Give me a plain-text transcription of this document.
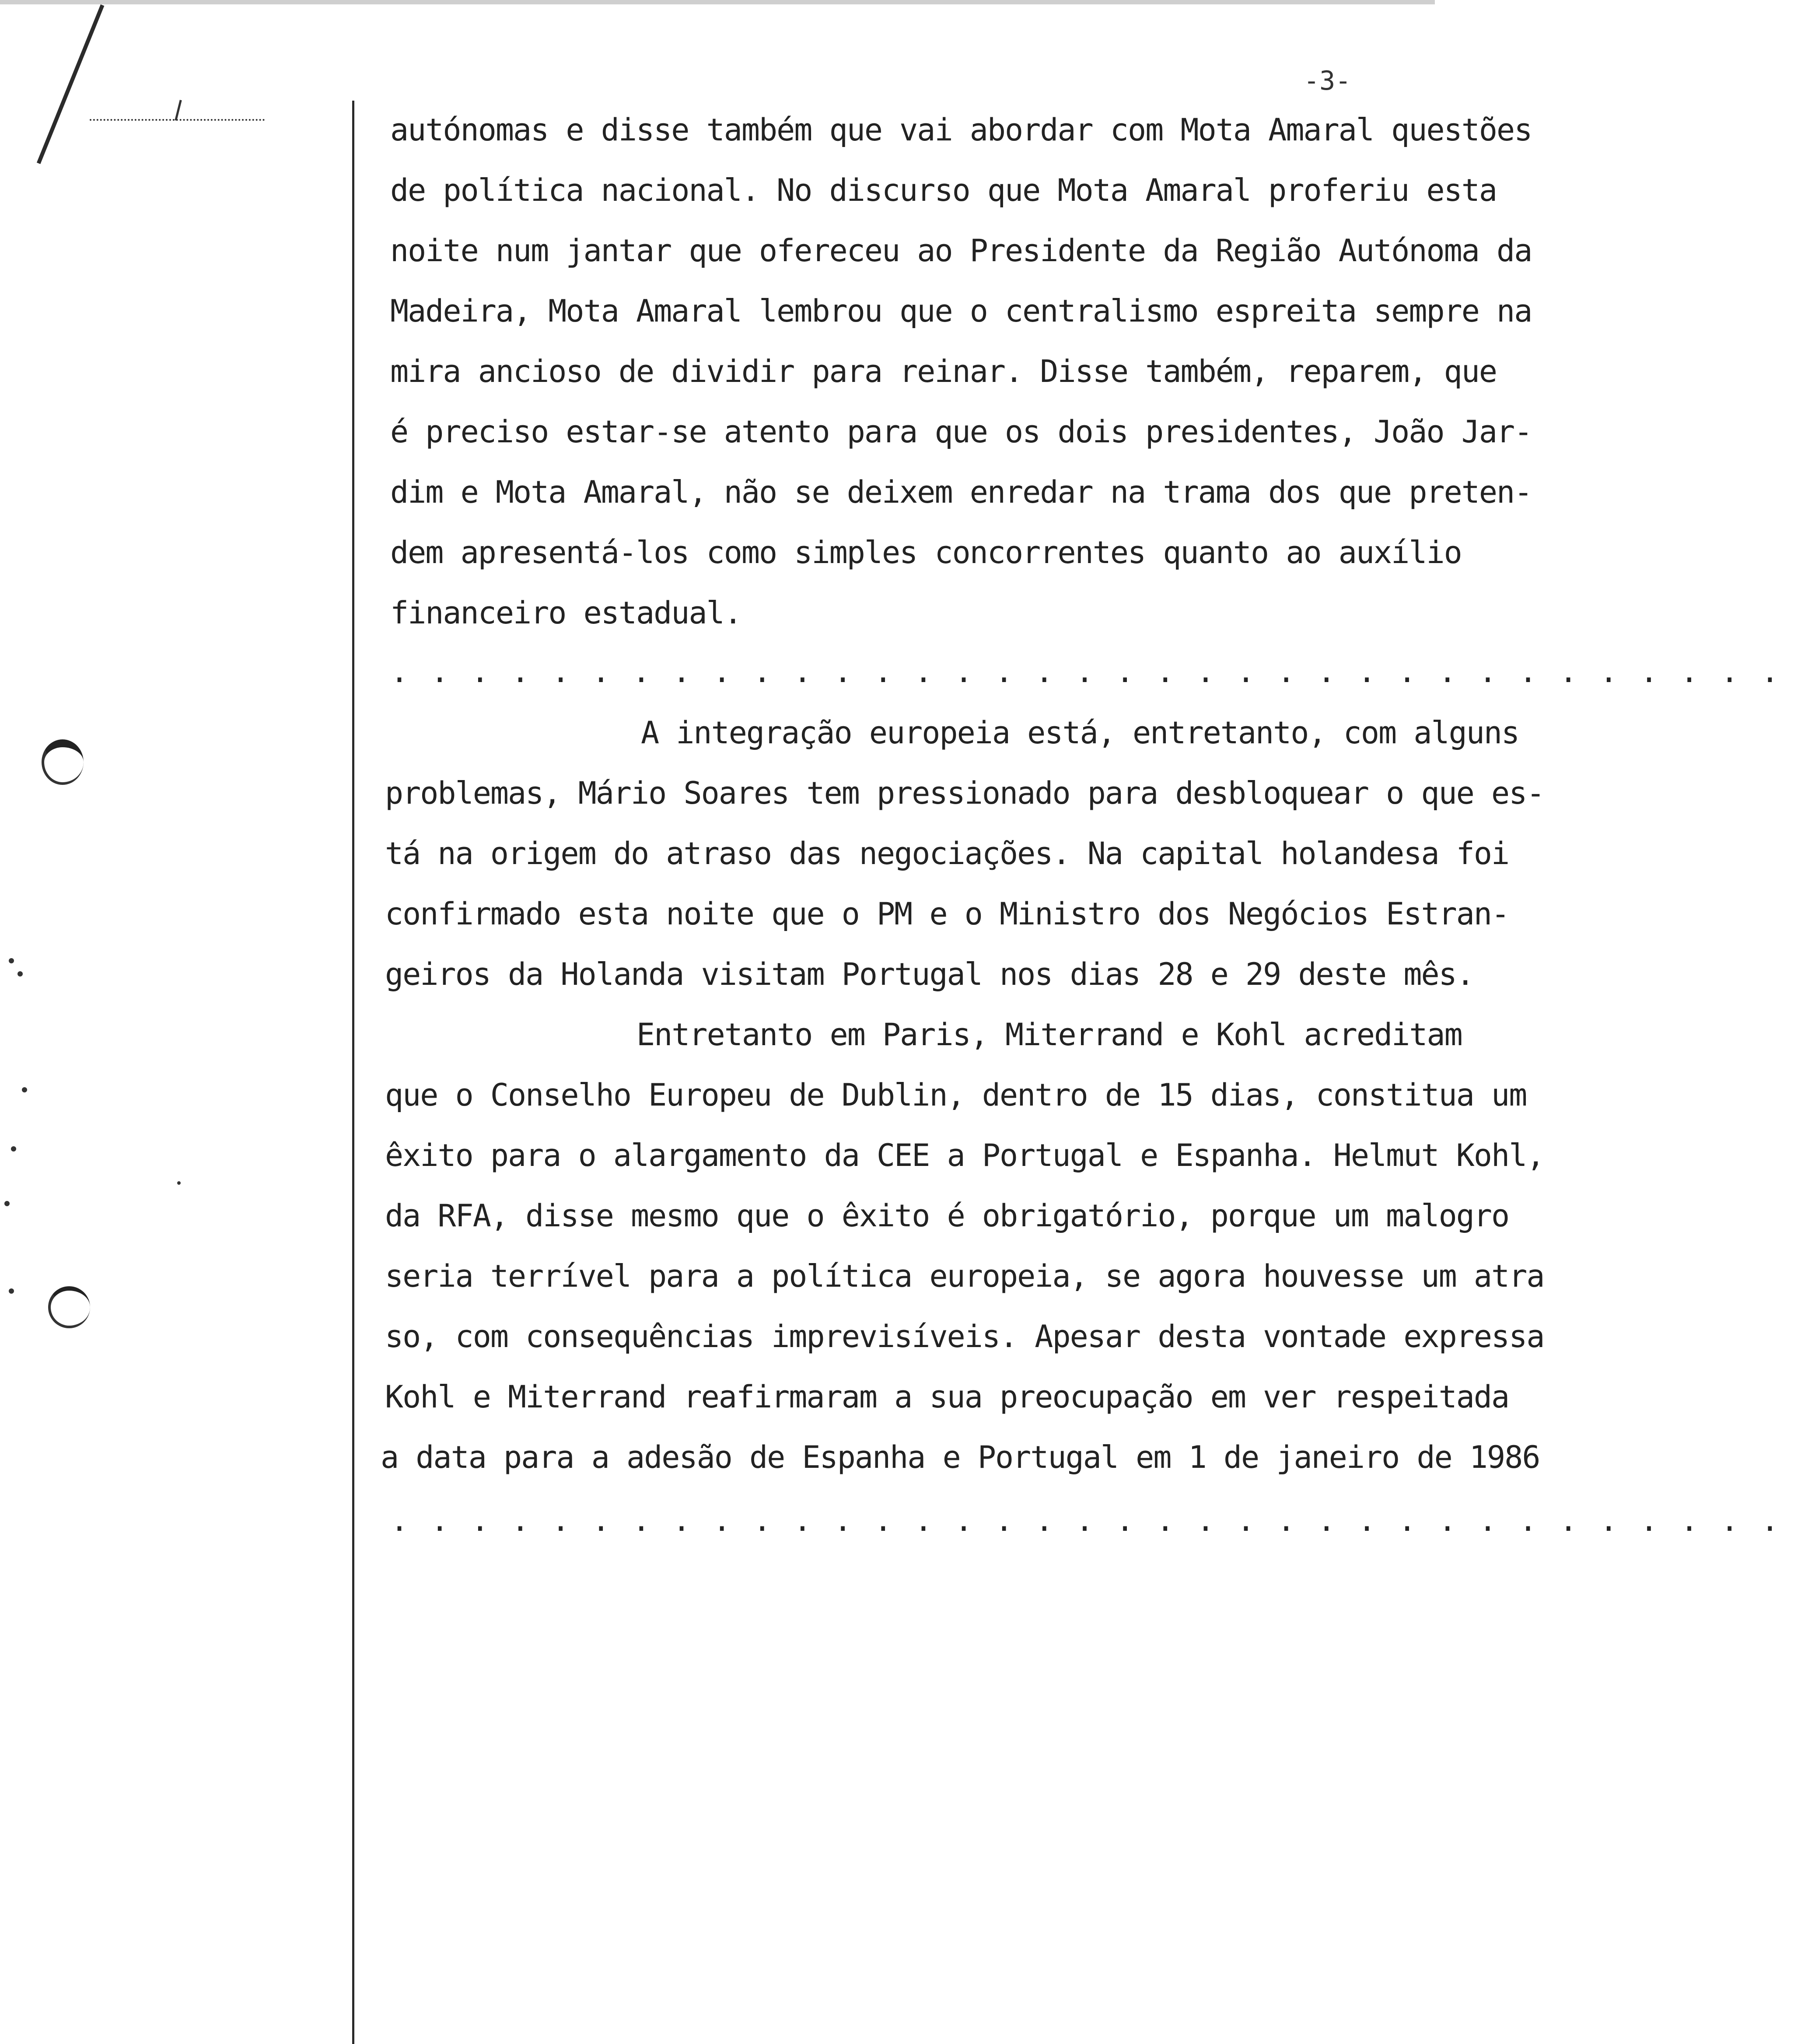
-3-

autónomas e disse também que vai abordar com Mota Amaral questões

de política nacional. No discurso que Mota Amaral proferiu esta

noite num jantar que ofereceu ao Presidente da Região Autónoma da

Madeira, Mota Amaral lembrou que o centralismo espreita sempre na

mira ancioso de dividir para reinar. Disse também, reparem, que

é preciso estar-se atento para que os dois presidentes, João Jar-

dim e Mota Amaral, não se deixem enredar na trama dos que preten-

dem apresentá-los como simples concorrentes quanto ao auxílio

financeiro estadual.

...................................

A integração europeia está, entretanto, com alguns

problemas, Mário Soares tem pressionado para desbloquear o que es-

tá na origem do atraso das negociações. Na capital holandesa foi

confirmado esta noite que o PM e o Ministro dos Negócios Estran-

geiros da Holanda visitam Portugal nos dias 28 e 29 deste mês.

Entretanto em Paris, Miterrand e Kohl acreditam

que o Conselho Europeu de Dublin, dentro de 15 dias, constitua um

êxito para o alargamento da CEE a Portugal e Espanha. Helmut Kohl,

da RFA, disse mesmo que o êxito é obrigatório, porque um malogro

seria terrível para a política europeia, se agora houvesse um atra

so, com consequências imprevisíveis. Apesar desta vontade expressa

Kohl e Miterrand reafirmaram a sua preocupação em ver respeitada

a data para a adesão de Espanha e Portugal em 1 de janeiro de 1986

...................................
